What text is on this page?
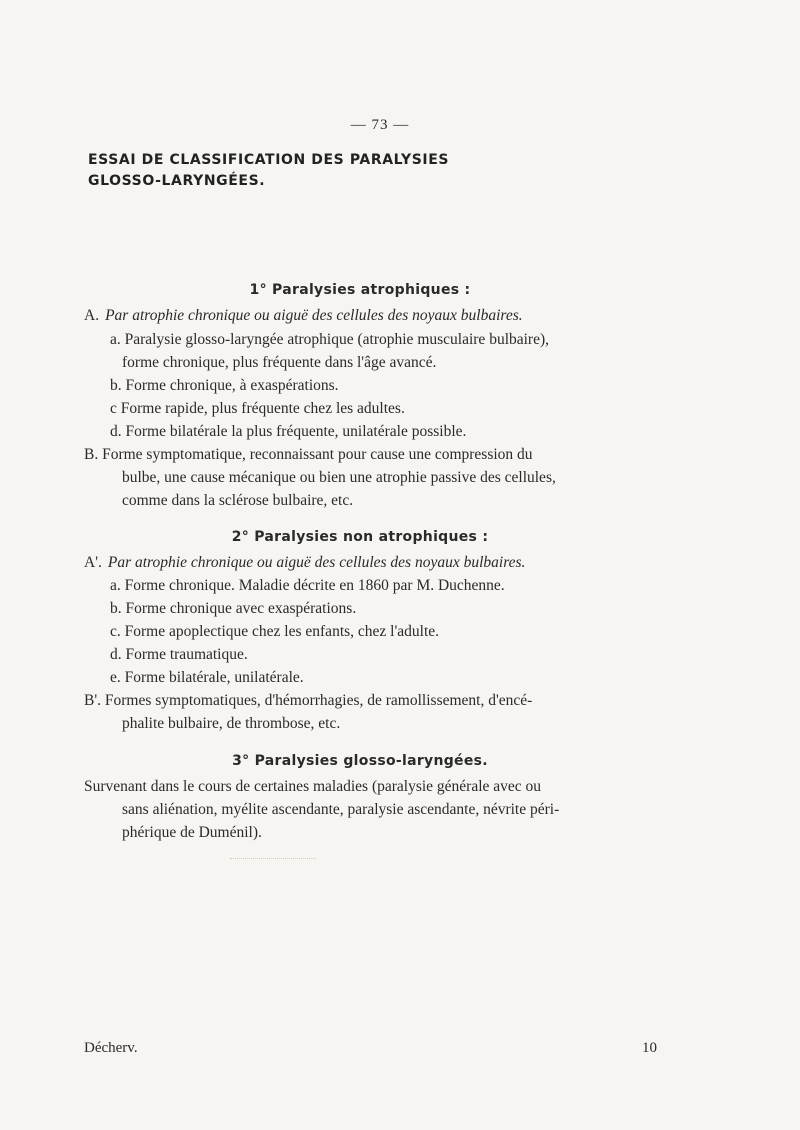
— 73 —
ESSAI DE CLASSIFICATION DES PARALYSIES
GLOSSO-LARYNGÉES.
1° Paralysies atrophiques :
A. Par atrophie chronique ou aiguë des cellules des noyaux bulbaires.
a. Paralysie glosso-laryngée atrophique (atrophie musculaire bulbaire),
forme chronique, plus fréquente dans l'âge avancé.
b. Forme chronique, à exaspérations.
c Forme rapide, plus fréquente chez les adultes.
d. Forme bilatérale la plus fréquente, unilatérale possible.
B. Forme symptomatique, reconnaissant pour cause une compression du
bulbe, une cause mécanique ou bien une atrophie passive des cellules,
comme dans la sclérose bulbaire, etc.
2° Paralysies non atrophiques :
A'. Par atrophie chronique ou aiguë des cellules des noyaux bulbaires.
a. Forme chronique. Maladie décrite en 1860 par M. Duchenne.
b. Forme chronique avec exaspérations.
c. Forme apoplectique chez les enfants, chez l'adulte.
d. Forme traumatique.
e. Forme bilatérale, unilatérale.
B'. Formes symptomatiques, d'hémorrhagies, de ramollissement, d'encé-
phalite bulbaire, de thrombose, etc.
3° Paralysies glosso-laryngées.
Survenant dans le cours de certaines maladies (paralysie générale avec ou
sans aliénation, myélite ascendante, paralysie ascendante, névrite péri-
phérique de Duménil).
Décherv.	10
